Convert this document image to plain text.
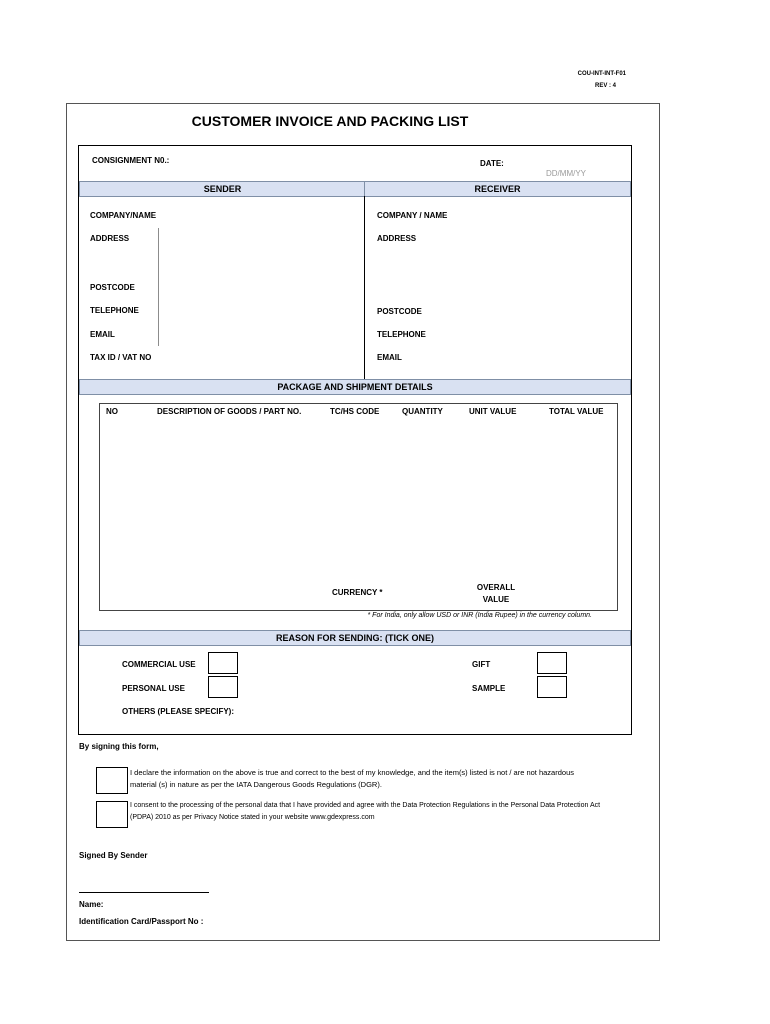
COU-INT-INT-F01
REV : 4
CUSTOMER INVOICE AND PACKING LIST
CONSIGNMENT N0.:	DATE:
DD/MM/YY
SENDER	RECEIVER
COMPANY/NAME
ADDRESS
POSTCODE
TELEPHONE
EMAIL
TAX ID / VAT NO
COMPANY / NAME
ADDRESS
POSTCODE
TELEPHONE
EMAIL
PACKAGE AND SHIPMENT DETAILS
NO	DESCRIPTION OF GOODS / PART NO.	TC/HS CODE	QUANTITY	UNIT VALUE	TOTAL VALUE
CURRENCY *
OVERALL VALUE
* For India, only allow USD or INR (India Rupee) in the currency column.
REASON FOR SENDING: (TICK ONE)
COMMERCIAL USE
PERSONAL USE
GIFT
SAMPLE
OTHERS (PLEASE SPECIFY):
By signing this form,
I declare the information on the above is true and correct to the best of my knowledge, and the item(s) listed is not / are not hazardous material (s) in nature as per the IATA Dangerous Goods Regulations (DGR).
I consent to the processing of the personal data that I have provided and agree with the Data Protection Regulations in the Personal Data Protection Act (PDPA) 2010 as per Privacy Notice stated in your website www.gdexpress.com
Signed By Sender
Name:
Identification Card/Passport No :
